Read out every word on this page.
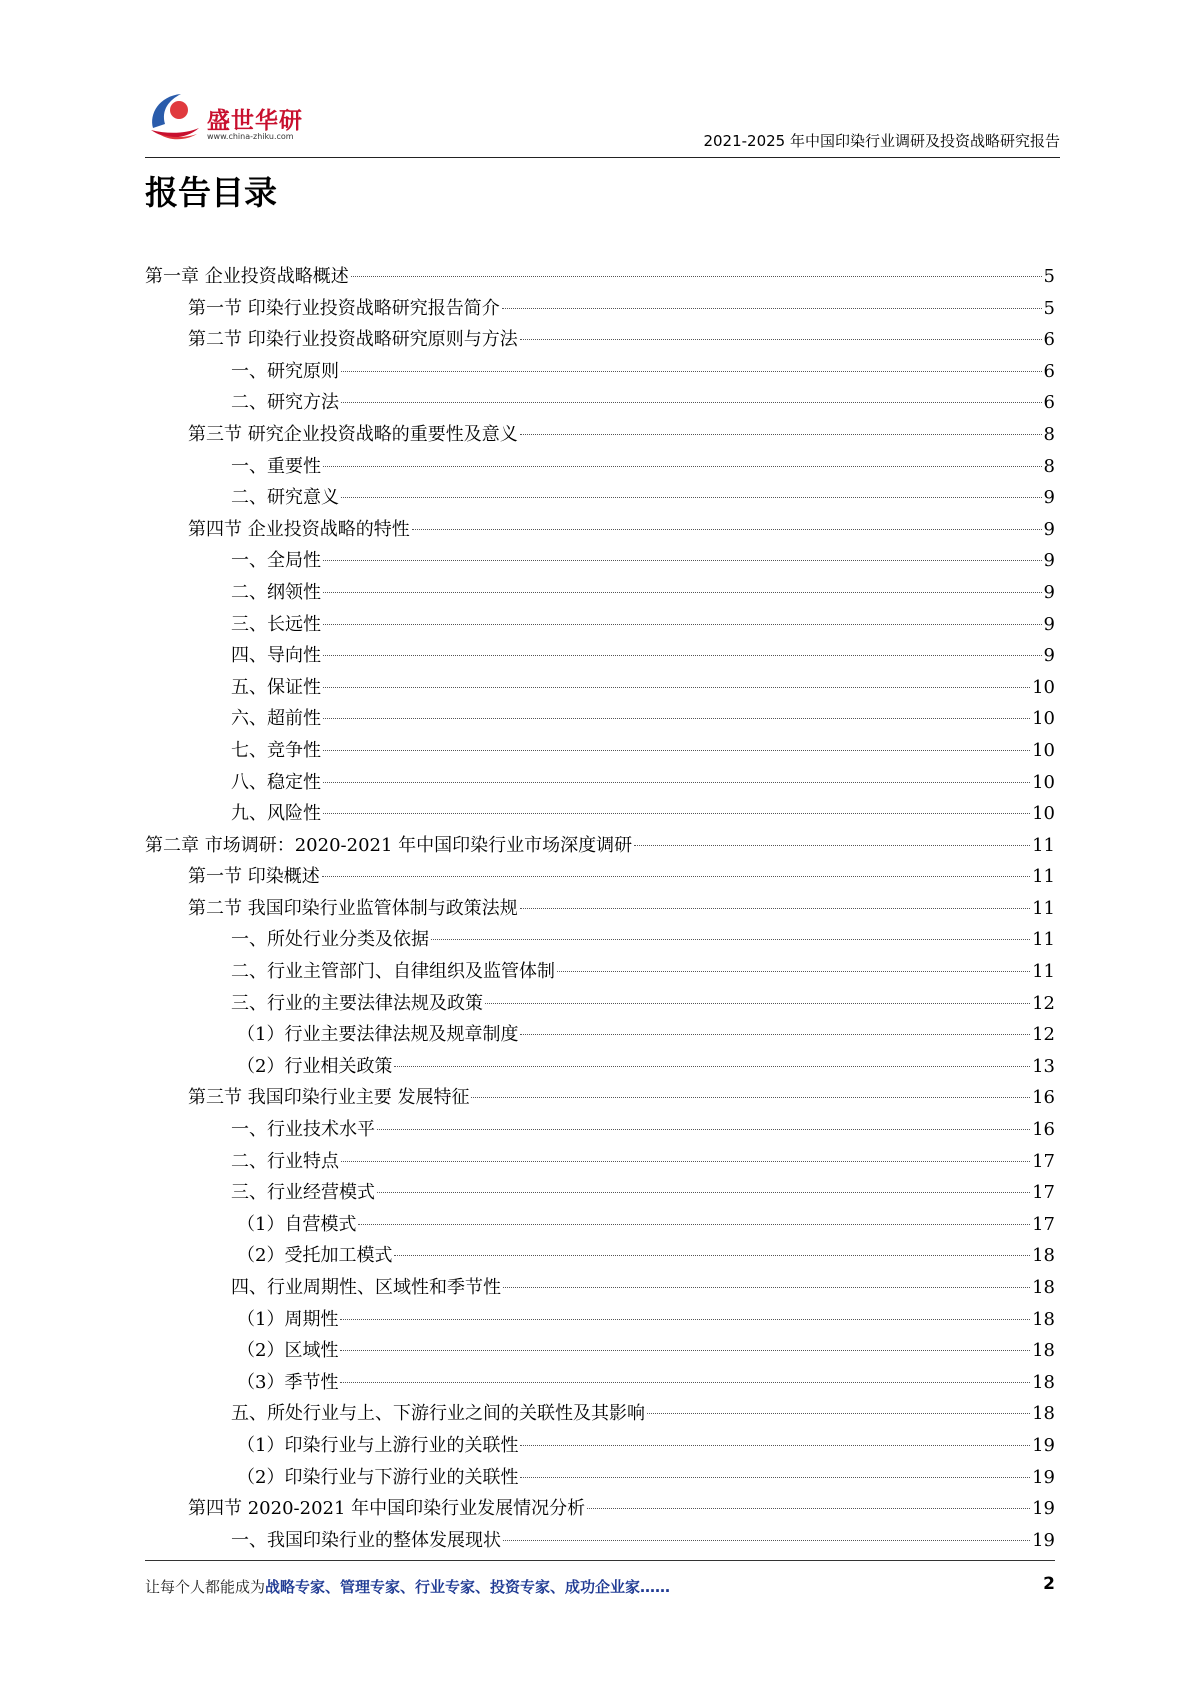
盛世华研
www.china-zhiku.com	2021-2025 年中国印染行业调研及投资战略研究报告
报告目录
第一章 企业投资战略概述	5
第一节 印染行业投资战略研究报告简介	5
第二节 印染行业投资战略研究原则与方法	6
一、研究原则	6
二、研究方法	6
第三节 研究企业投资战略的重要性及意义	8
一、重要性	8
二、研究意义	9
第四节 企业投资战略的特性	9
一、全局性	9
二、纲领性	9
三、长远性	9
四、导向性	9
五、保证性	10
六、超前性	10
七、竞争性	10
八、稳定性	10
九、风险性	10
第二章 市场调研：2020-2021 年中国印染行业市场深度调研	11
第一节 印染概述	11
第二节 我国印染行业监管体制与政策法规	11
一、所处行业分类及依据	11
二、行业主管部门、自律组织及监管体制	11
三、行业的主要法律法规及政策	12
（1）行业主要法律法规及规章制度	12
（2）行业相关政策	13
第三节 我国印染行业主要 发展特征	16
一、行业技术水平	16
二、行业特点	17
三、行业经营模式	17
（1）自营模式	17
（2）受托加工模式	18
四、行业周期性、区域性和季节性	18
（1）周期性	18
（2）区域性	18
（3）季节性	18
五、所处行业与上、下游行业之间的关联性及其影响	18
（1）印染行业与上游行业的关联性	19
（2）印染行业与下游行业的关联性	19
第四节 2020-2021 年中国印染行业发展情况分析	19
一、我国印染行业的整体发展现状	19
让每个人都能成为战略专家、管理专家、行业专家、投资专家、成功企业家……	2
